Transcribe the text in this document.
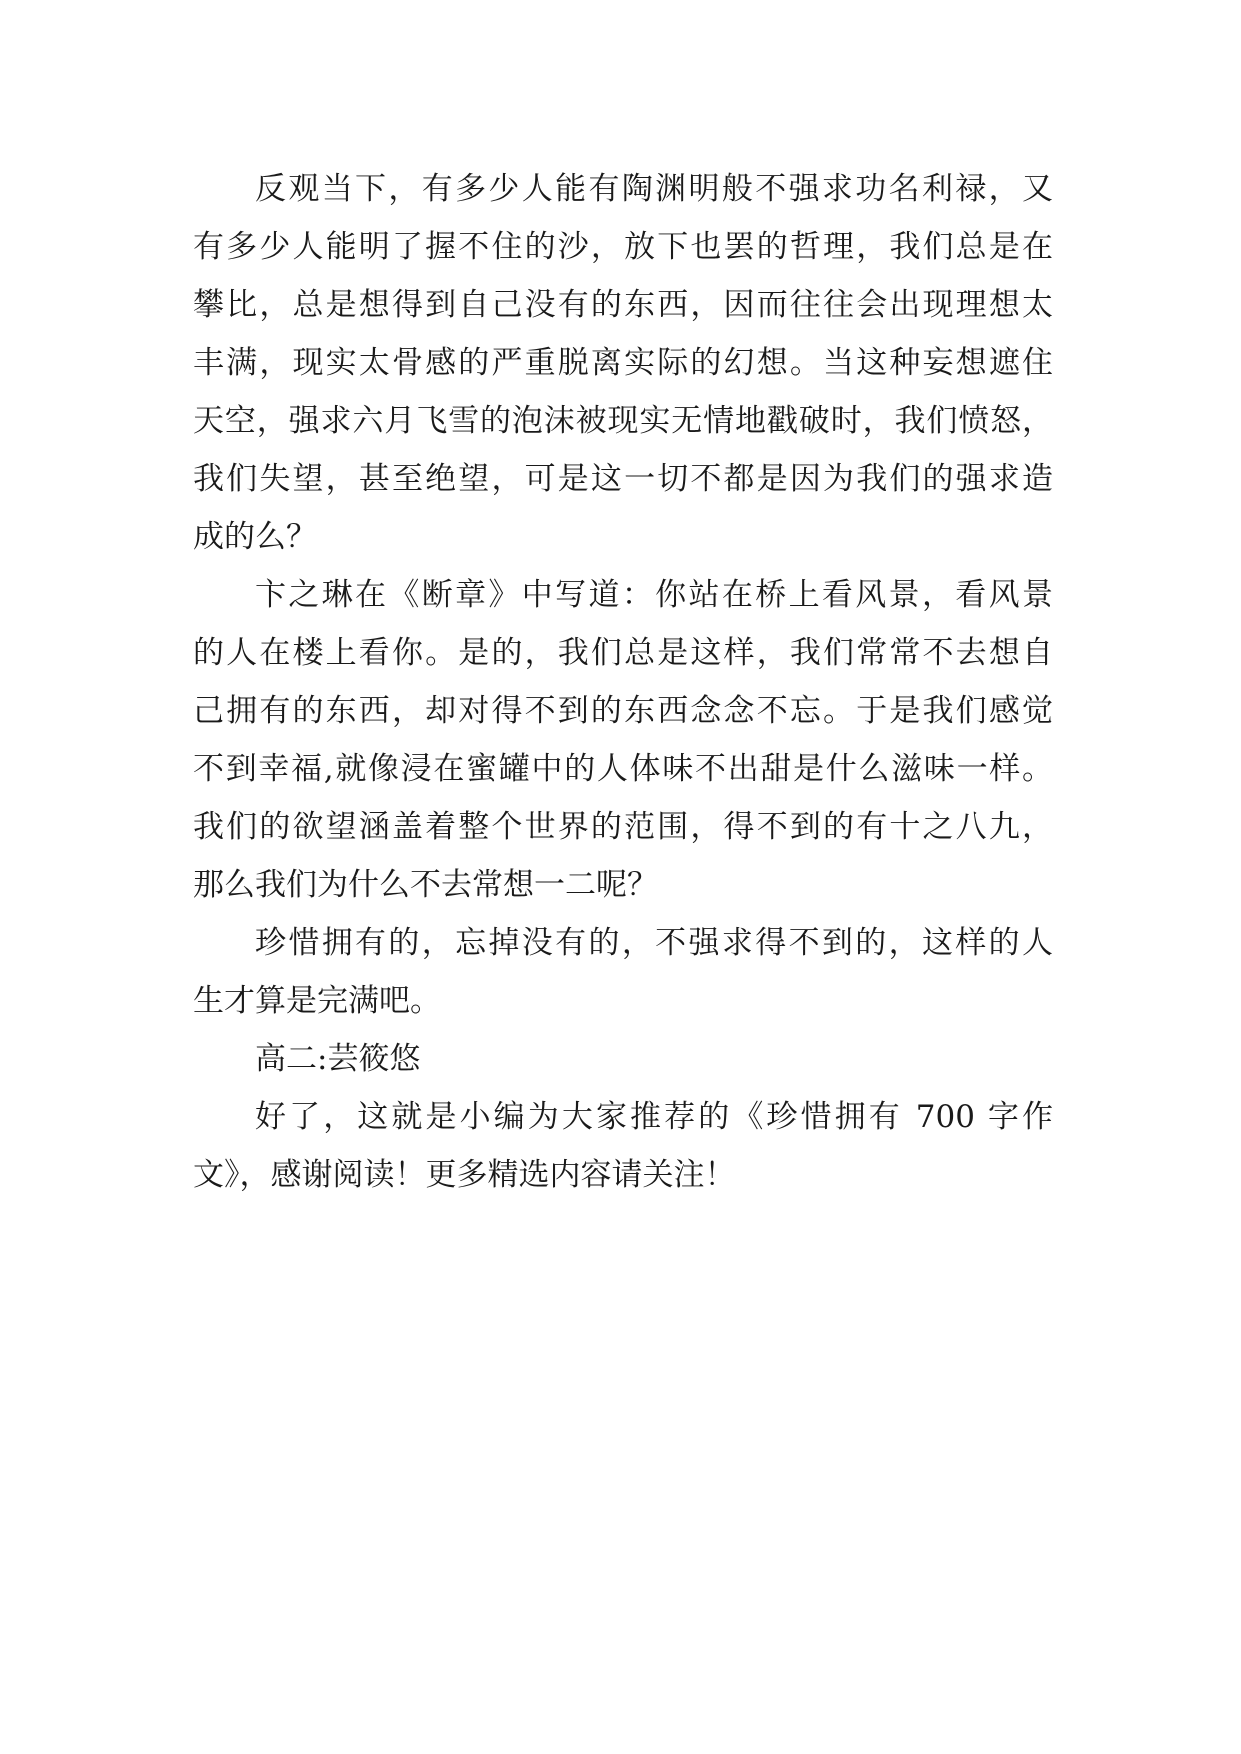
反观当下，有多少人能有陶渊明般不强求功名利禄，又
有多少人能明了握不住的沙，放下也罢的哲理，我们总是在
攀比，总是想得到自己没有的东西，因而往往会出现理想太
丰满，现实太骨感的严重脱离实际的幻想。当这种妄想遮住
天空，强求六月飞雪的泡沫被现实无情地戳破时，我们愤怒，
我们失望，甚至绝望，可是这一切不都是因为我们的强求造
成的么？
卞之琳在《断章》中写道：你站在桥上看风景，看风景
的人在楼上看你。是的，我们总是这样，我们常常不去想自
己拥有的东西，却对得不到的东西念念不忘。于是我们感觉
不到幸福,就像浸在蜜罐中的人体味不出甜是什么滋味一样。
我们的欲望涵盖着整个世界的范围，得不到的有十之八九，
那么我们为什么不去常想一二呢？
珍惜拥有的，忘掉没有的，不强求得不到的，这样的人
生才算是完满吧。
高二:芸筱悠
好了，这就是小编为大家推荐的《珍惜拥有 700 字作
文》，感谢阅读！更多精选内容请关注！
